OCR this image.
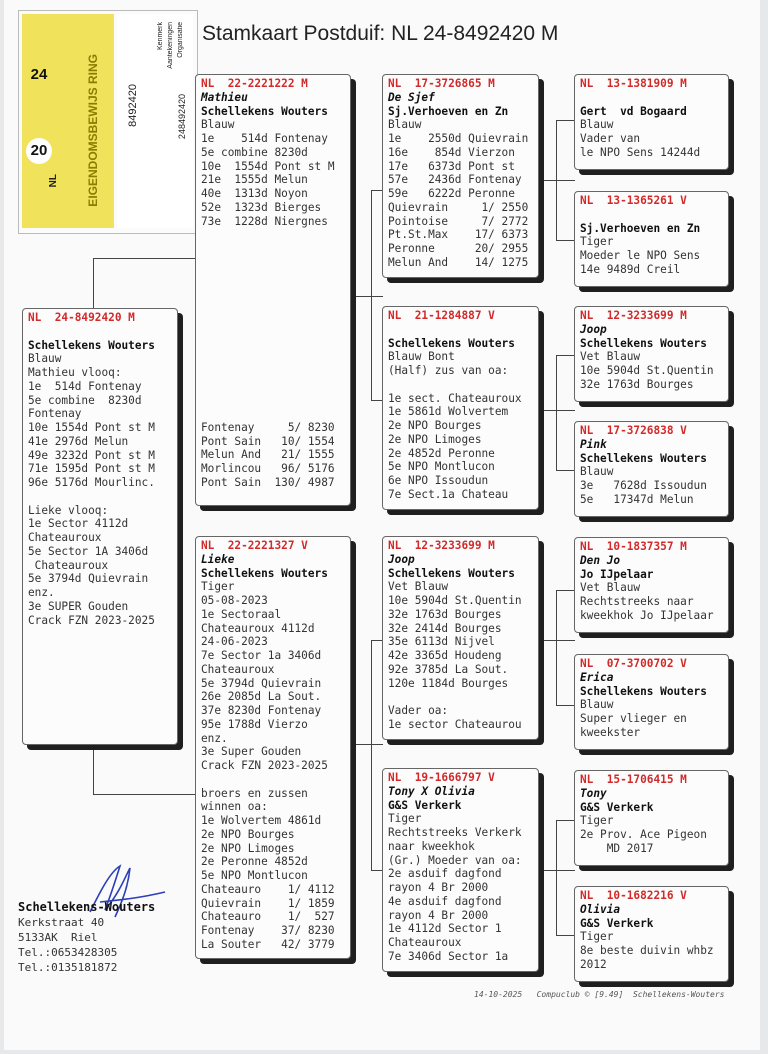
Stamkaart Postduif: NL 24-8492420 M
EIGENDOMSBEWIJS RING
20
24
NL
8492420
Kenmerk Aantekeningen Organisatie
248492420
NL  24-8492420 M
Schellekens Wouters
Blauw
Mathieu vlooq:
1e  514d Fontenay
5e combine  8230d
Fontenay
10e 1554d Pont st M
41e 2976d Melun
49e 3232d Pont st M
71e 1595d Pont st M
96e 5176d Mourlinc.
Lieke vlooq:
1e Sector 4112d
Chateauroux
5e Sector 1A 3406d
Chateauroux
5e 3794d Quievrain
enz.
3e SUPER Gouden
Crack FZN 2023-2025
NL  22-2221222 M
Mathieu
Schellekens Wouters
Blauw
1e    514d Fontenay
5e combine 8230d
10e  1554d Pont st M
21e  1555d Melun
40e  1313d Noyon
52e  1323d Bierges
73e  1228d Niergnes
Fontenay     5/ 8230
Pont Sain   10/ 1554
Melun And   21/ 1555
Morlincou   96/ 5176
Pont Sain  130/ 4987
NL  22-2221327 V
Lieke
Schellekens Wouters
Tiger
05-08-2023
1e Sectoraal
Chateauroux 4112d
24-06-2023
7e Sector 1a 3406d
Chateauroux
5e 3794d Quievrain
26e 2085d La Sout.
37e 8230d Fontenay
95e 1788d Vierzo
enz.
3e Super Gouden
Crack FZN 2023-2025
broers en zussen
winnen oa:
1e Wolvertem 4861d
2e NPO Bourges
2e NPO Limoges
2e Peronne 4852d
5e NPO Montlucon
Chateauro    1/ 4112
Quievrain    1/ 1859
Chateauro    1/  527
Fontenay    37/ 8230
La Souter   42/ 3779
NL  17-3726865 M
De Sjef
Sj.Verhoeven en Zn
Blauw
1e    2550d Quievrain
16e    854d Vierzon
17e   6373d Pont st
57e   2436d Fontenay
59e   6222d Peronne
Quievrain     1/ 2550
Pointoise     7/ 2772
Pt.St.Max    17/ 6373
Peronne      20/ 2955
Melun And    14/ 1275
NL  21-1284887 V
Schellekens Wouters
Blauw Bont
(Half) zus van oa:
1e sect. Chateauroux
1e 5861d Wolvertem
2e NPO Bourges
2e NPO Limoges
2e 4852d Peronne
5e NPO Montlucon
6e NPO Issoudun
7e Sect.1a Chateau
NL  12-3233699 M
Joop
Schellekens Wouters
Vet Blauw
10e 5904d St.Quentin
32e 1763d Bourges
32e 2414d Bourges
35e 6113d Nijvel
42e 3365d Houdeng
92e 3785d La Sout.
120e 1184d Bourges
Vader oa:
1e sector Chateaurou
NL  19-1666797 V
Tony X Olivia
G&S Verkerk
Tiger
Rechtstreeks Verkerk
naar kweekhok
(Gr.) Moeder van oa:
2e asduif dagfond
rayon 4 Br 2000
4e asduif dagfond
rayon 4 Br 2000
1e 4112d Sector 1
Chateauroux
7e 3406d Sector 1a
NL  13-1381909 M
Gert  vd Bogaard
Blauw
Vader van
le NPO Sens 14244d
NL  13-1365261 V
Sj.Verhoeven en Zn
Tiger
Moeder le NPO Sens
14e 9489d Creil
NL  12-3233699 M
Joop
Schellekens Wouters
Vet Blauw
10e 5904d St.Quentin
32e 1763d Bourges
NL  17-3726838 V
Pink
Schellekens Wouters
Blauw
3e   7628d Issoudun
5e   17347d Melun
NL  10-1837357 M
Den Jo
Jo IJpelaar
Vet Blauw
Rechtstreeks naar
kweekhok Jo IJpelaar
NL  07-3700702 V
Erica
Schellekens Wouters
Blauw
Super vlieger en
kweekster
NL  15-1706415 M
Tony
G&S Verkerk
Tiger
2e Prov. Ace Pigeon
MD 2017
NL  10-1682216 V
Olivia
G&S Verkerk
Tiger
8e beste duivin whbz
2012
Schellekens-Wouters
Kerkstraat 40
5133AK  Riel
Tel.:0653428305
Tel.:0135181872
14-10-2025   Compuclub © [9.49]  Schellekens-Wouters
